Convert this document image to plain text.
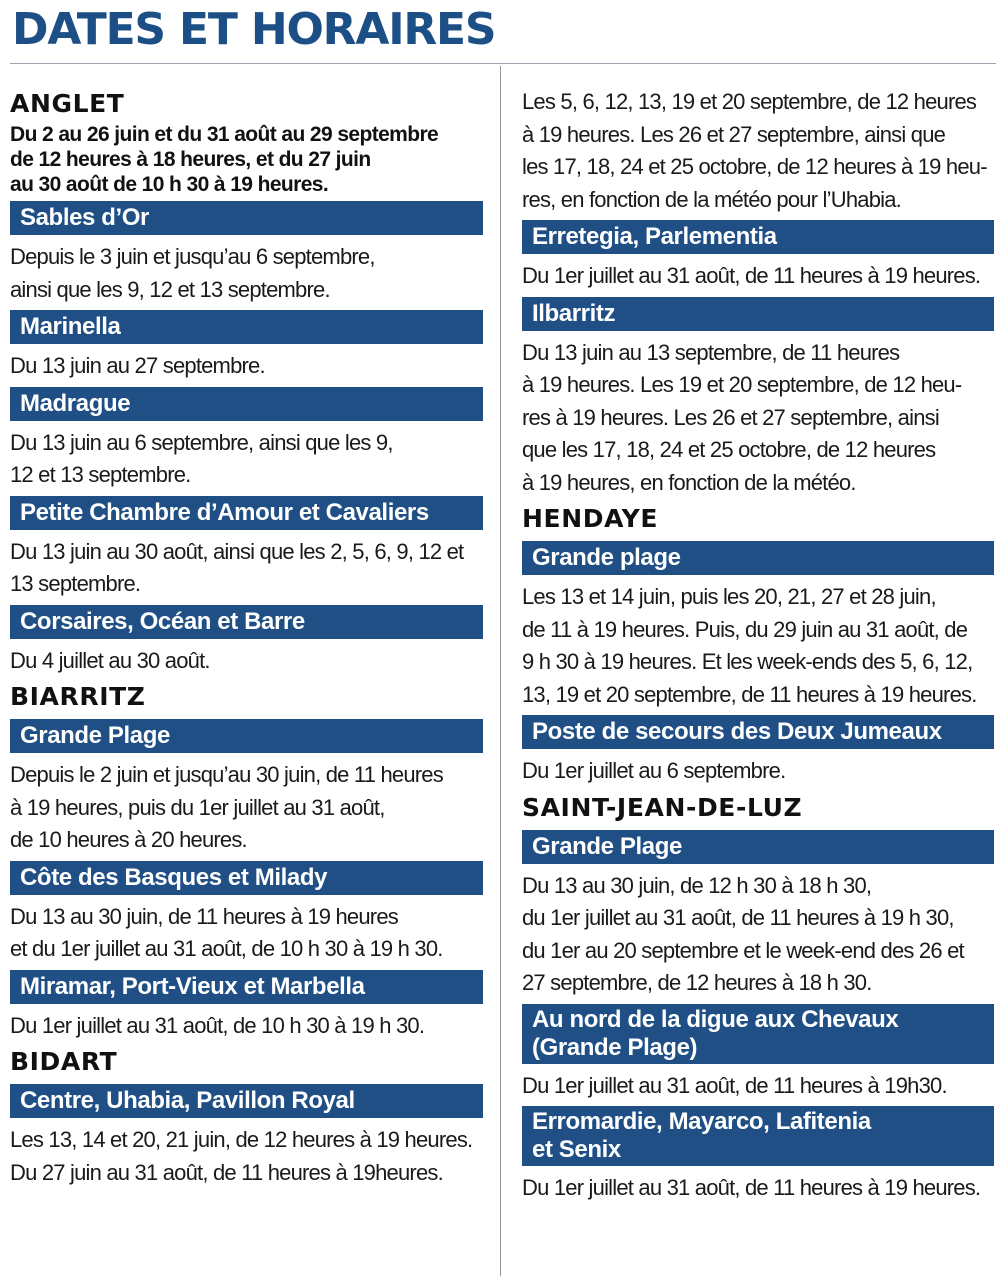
DATES ET HORAIRES
ANGLET
Du 2 au 26 juin et du 31 août au 29 septembre
de 12 heures à 18 heures, et du 27 juin
au 30 août de 10 h 30 à 19 heures.
Sables d’Or
Depuis le 3 juin et jusqu’au 6 septembre,
ainsi que les 9, 12 et 13 septembre.
Marinella
Du 13 juin au 27 septembre.
Madrague
Du 13 juin au 6 septembre, ainsi que les 9,
12 et 13 septembre.
Petite Chambre d’Amour et Cavaliers
Du 13 juin au 30 août, ainsi que les 2, 5, 6, 9, 12 et
13 septembre.
Corsaires, Océan et Barre
Du 4 juillet au 30 août.
BIARRITZ
Grande Plage
Depuis le 2 juin et jusqu’au 30 juin, de 11 heures
à 19 heures, puis du 1er juillet au 31 août,
de 10 heures à 20 heures.
Côte des Basques et Milady
Du 13 au 30 juin, de 11 heures à 19 heures
et du 1er juillet au 31 août, de 10 h 30 à 19 h 30.
Miramar, Port-Vieux et Marbella
Du 1er juillet au 31 août, de 10 h 30 à 19 h 30.
BIDART
Centre, Uhabia, Pavillon Royal
Les 13, 14 et 20, 21 juin, de 12 heures à 19 heures.
Du 27 juin au 31 août, de 11 heures à 19heures.
Les 5, 6, 12, 13, 19 et 20 septembre, de 12 heures
à 19 heures. Les 26 et 27 septembre, ainsi que
les 17, 18, 24 et 25 octobre, de 12 heures à 19 heu-
res, en fonction de la météo pour l’Uhabia.
Erretegia, Parlementia
Du 1er juillet au 31 août, de 11 heures à 19 heures.
Ilbarritz
Du 13 juin au 13 septembre, de 11 heures
à 19 heures. Les 19 et 20 septembre, de 12 heu-
res à 19 heures. Les 26 et 27 septembre, ainsi
que les 17, 18, 24 et 25 octobre, de 12 heures
à 19 heures, en fonction de la météo.
HENDAYE
Grande plage
Les 13 et 14 juin, puis les 20, 21, 27 et 28 juin,
de 11 à 19 heures. Puis, du 29 juin au 31 août, de
9 h 30 à 19 heures. Et les week-ends des 5, 6, 12,
13, 19 et 20 septembre, de 11 heures à 19 heures.
Poste de secours des Deux Jumeaux
Du 1er juillet au 6 septembre.
SAINT-JEAN-DE-LUZ
Grande Plage
Du 13 au 30 juin, de 12 h 30 à 18 h 30,
du 1er juillet au 31 août, de 11 heures à 19 h 30,
du 1er au 20 septembre et le week-end des 26 et
27 septembre, de 12 heures à 18 h 30.
Au nord de la digue aux Chevaux
(Grande Plage)
Du 1er juillet au 31 août, de 11 heures à 19h30.
Erromardie, Mayarco, Lafitenia
et Senix
Du 1er juillet au 31 août, de 11 heures à 19 heures.
